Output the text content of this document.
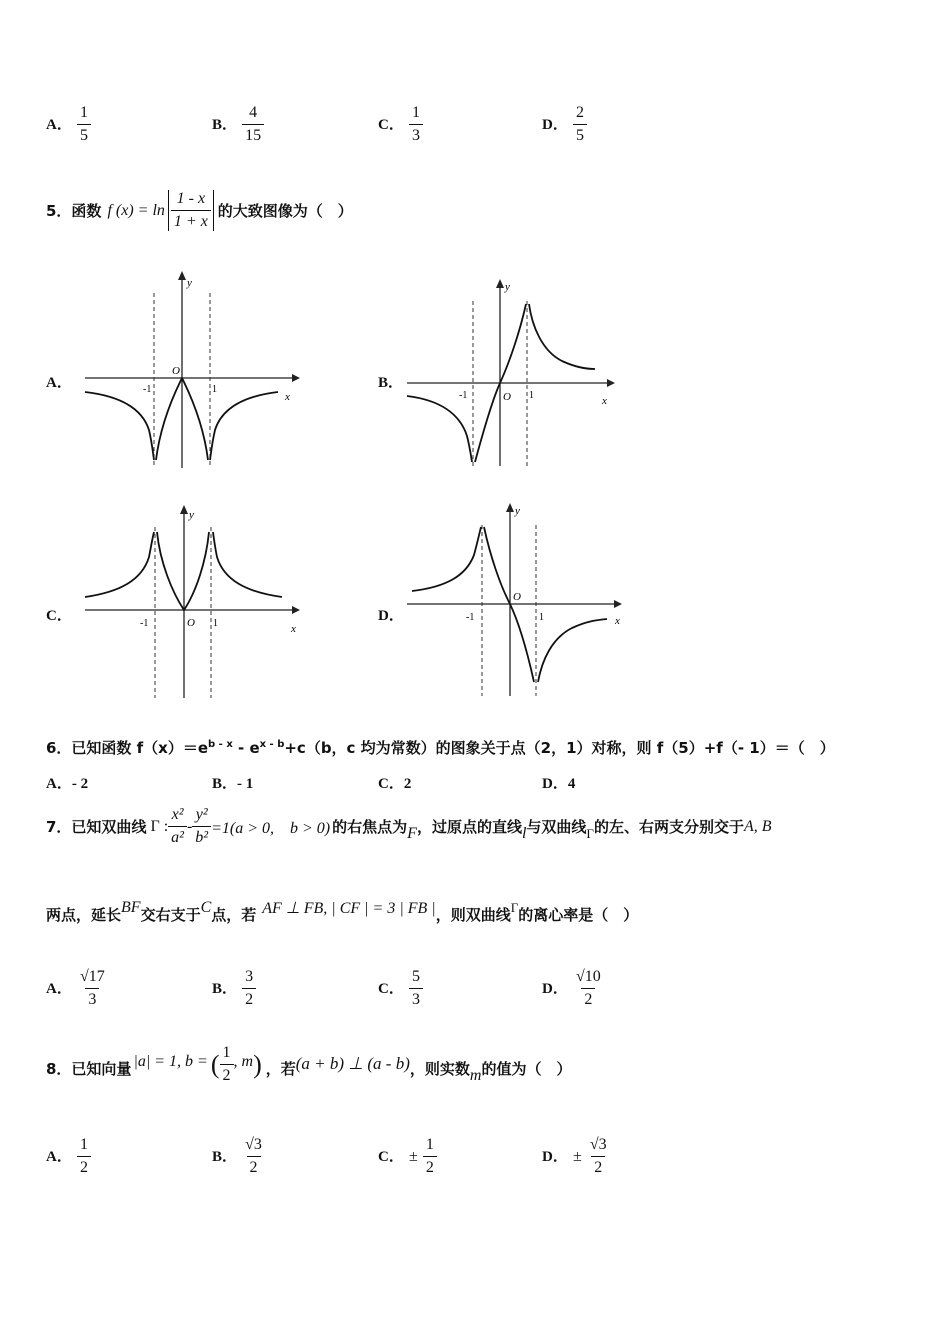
A． $\frac{1}{5}$	B． $\frac{4}{15}$	C． $\frac{1}{3}$	D． $\frac{2}{5}$
5．函数 f $(x) = \ln \frac{1 - x}{1 + x}$ 的大致图像为（　）
A．	B．
C．	D．
y
x
O
-1	1
y
x
O
-1	1
y
x
O
-1	1
y
x
O
-1	1
6．已知函数 $f(x)=e^{b - x} - e^{x - b}+c(b$，c 均为常数）的图象关于点（2，1）对称，则 f（5）+f（- 1）＝（　）
A．- 2	B．- 1	C．2	D．4
7．已知双曲线 Γ : $\frac{\text{x²}}{\text{a²}} - \frac{\text{y²}}{\text{b²}} =1(a > 0$,　b > 0) 的右焦点为 F ，过原点的直线 l 与双曲线 Γ 的左、右两支分别交于 A, B
两点，延长 BF 交右支于 C 点，若 AF ⊥ FB, | CF | = 3 | FB | ，则双曲线 Γ 的离心率是（　）
A． $\frac{√17}{3}$	B． $\frac{3}{2}$	C． $\frac{5}{3}$	D． $\frac{√10}{2}$
8．已知向量 |a| = 1, b = ( $\frac{1}{2}$ , m ) ，若 (a + b) ⊥ (a - b) ，则实数 m 的值为（　）
A． $\frac{1}{2}$	B． $\frac{√3}{2}$	C． ± $\frac{1}{2}$	D． ± $\frac{√3}{2}$
